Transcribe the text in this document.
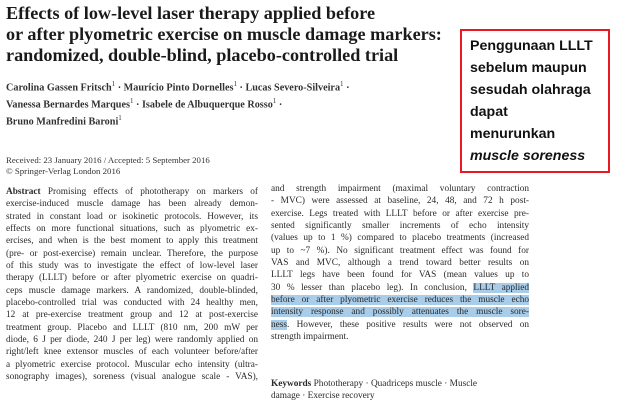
Effects of low-level laser therapy applied before
or after plyometric exercise on muscle damage markers:
randomized, double-blind, placebo-controlled trial
Carolina Gassen Fritsch$^1$ · Maurício Pinto Dornelles$^1$ · Lucas Severo-Silveira$^1$ ·
Vanessa Bernardes Marques$^1$ · Isabele de Albuquerque Rosso$^1$ ·
Bruno Manfredini Baroni$^1$
Received: 23 January 2016 / Accepted: 5 September 2016
© Springer-Verlag London 2016
Abstract Promising effects of phototherapy on markers of
exercise-induced muscle damage has been already demon-
strated in constant load or isokinetic protocols. However, its
effects on more functional situations, such as plyometric ex-
ercises, and when is the best moment to apply this treatment
(pre- or post-exercise) remain unclear. Therefore, the purpose
of this study was to investigate the effect of low-level laser
therapy (LLLT) before or after plyometric exercise on quadri-
ceps muscle damage markers. A randomized, double-blinded,
placebo-controlled trial was conducted with 24 healthy men,
12 at pre-exercise treatment group and 12 at post-exercise
treatment group. Placebo and LLLT (810 nm, 200 mW per
diode, 6 J per diode, 240 J per leg) were randomly applied on
right/left knee extensor muscles of each volunteer before/after
a plyometric exercise protocol. Muscular echo intensity (ultra-
sonography images), soreness (visual analogue scale - VAS),
and strength impairment (maximal voluntary contraction
- MVC) were assessed at baseline, 24, 48, and 72 h post-
exercise. Legs treated with LLLT before or after exercise pre-
sented significantly smaller increments of echo intensity
(values up to 1 %) compared to placebo treatments (increased
up to ~7 %). No significant treatment effect was found for
VAS and MVC, although a trend toward better results on
LLLT legs have been found for VAS (mean values up to
30 % lesser than placebo leg). In conclusion, LLLT applied
before or after plyometric exercise reduces the muscle echo
intensity response and possibly attenuates the muscle sore-
ness. However, these positive results were not observed on
strength impairment.
Keywords Phototherapy · Quadriceps muscle · Muscle
damage · Exercise recovery
Penggunaan LLLT
sebelum maupun
sesudah olahraga
dapat
menurunkan
muscle soreness
